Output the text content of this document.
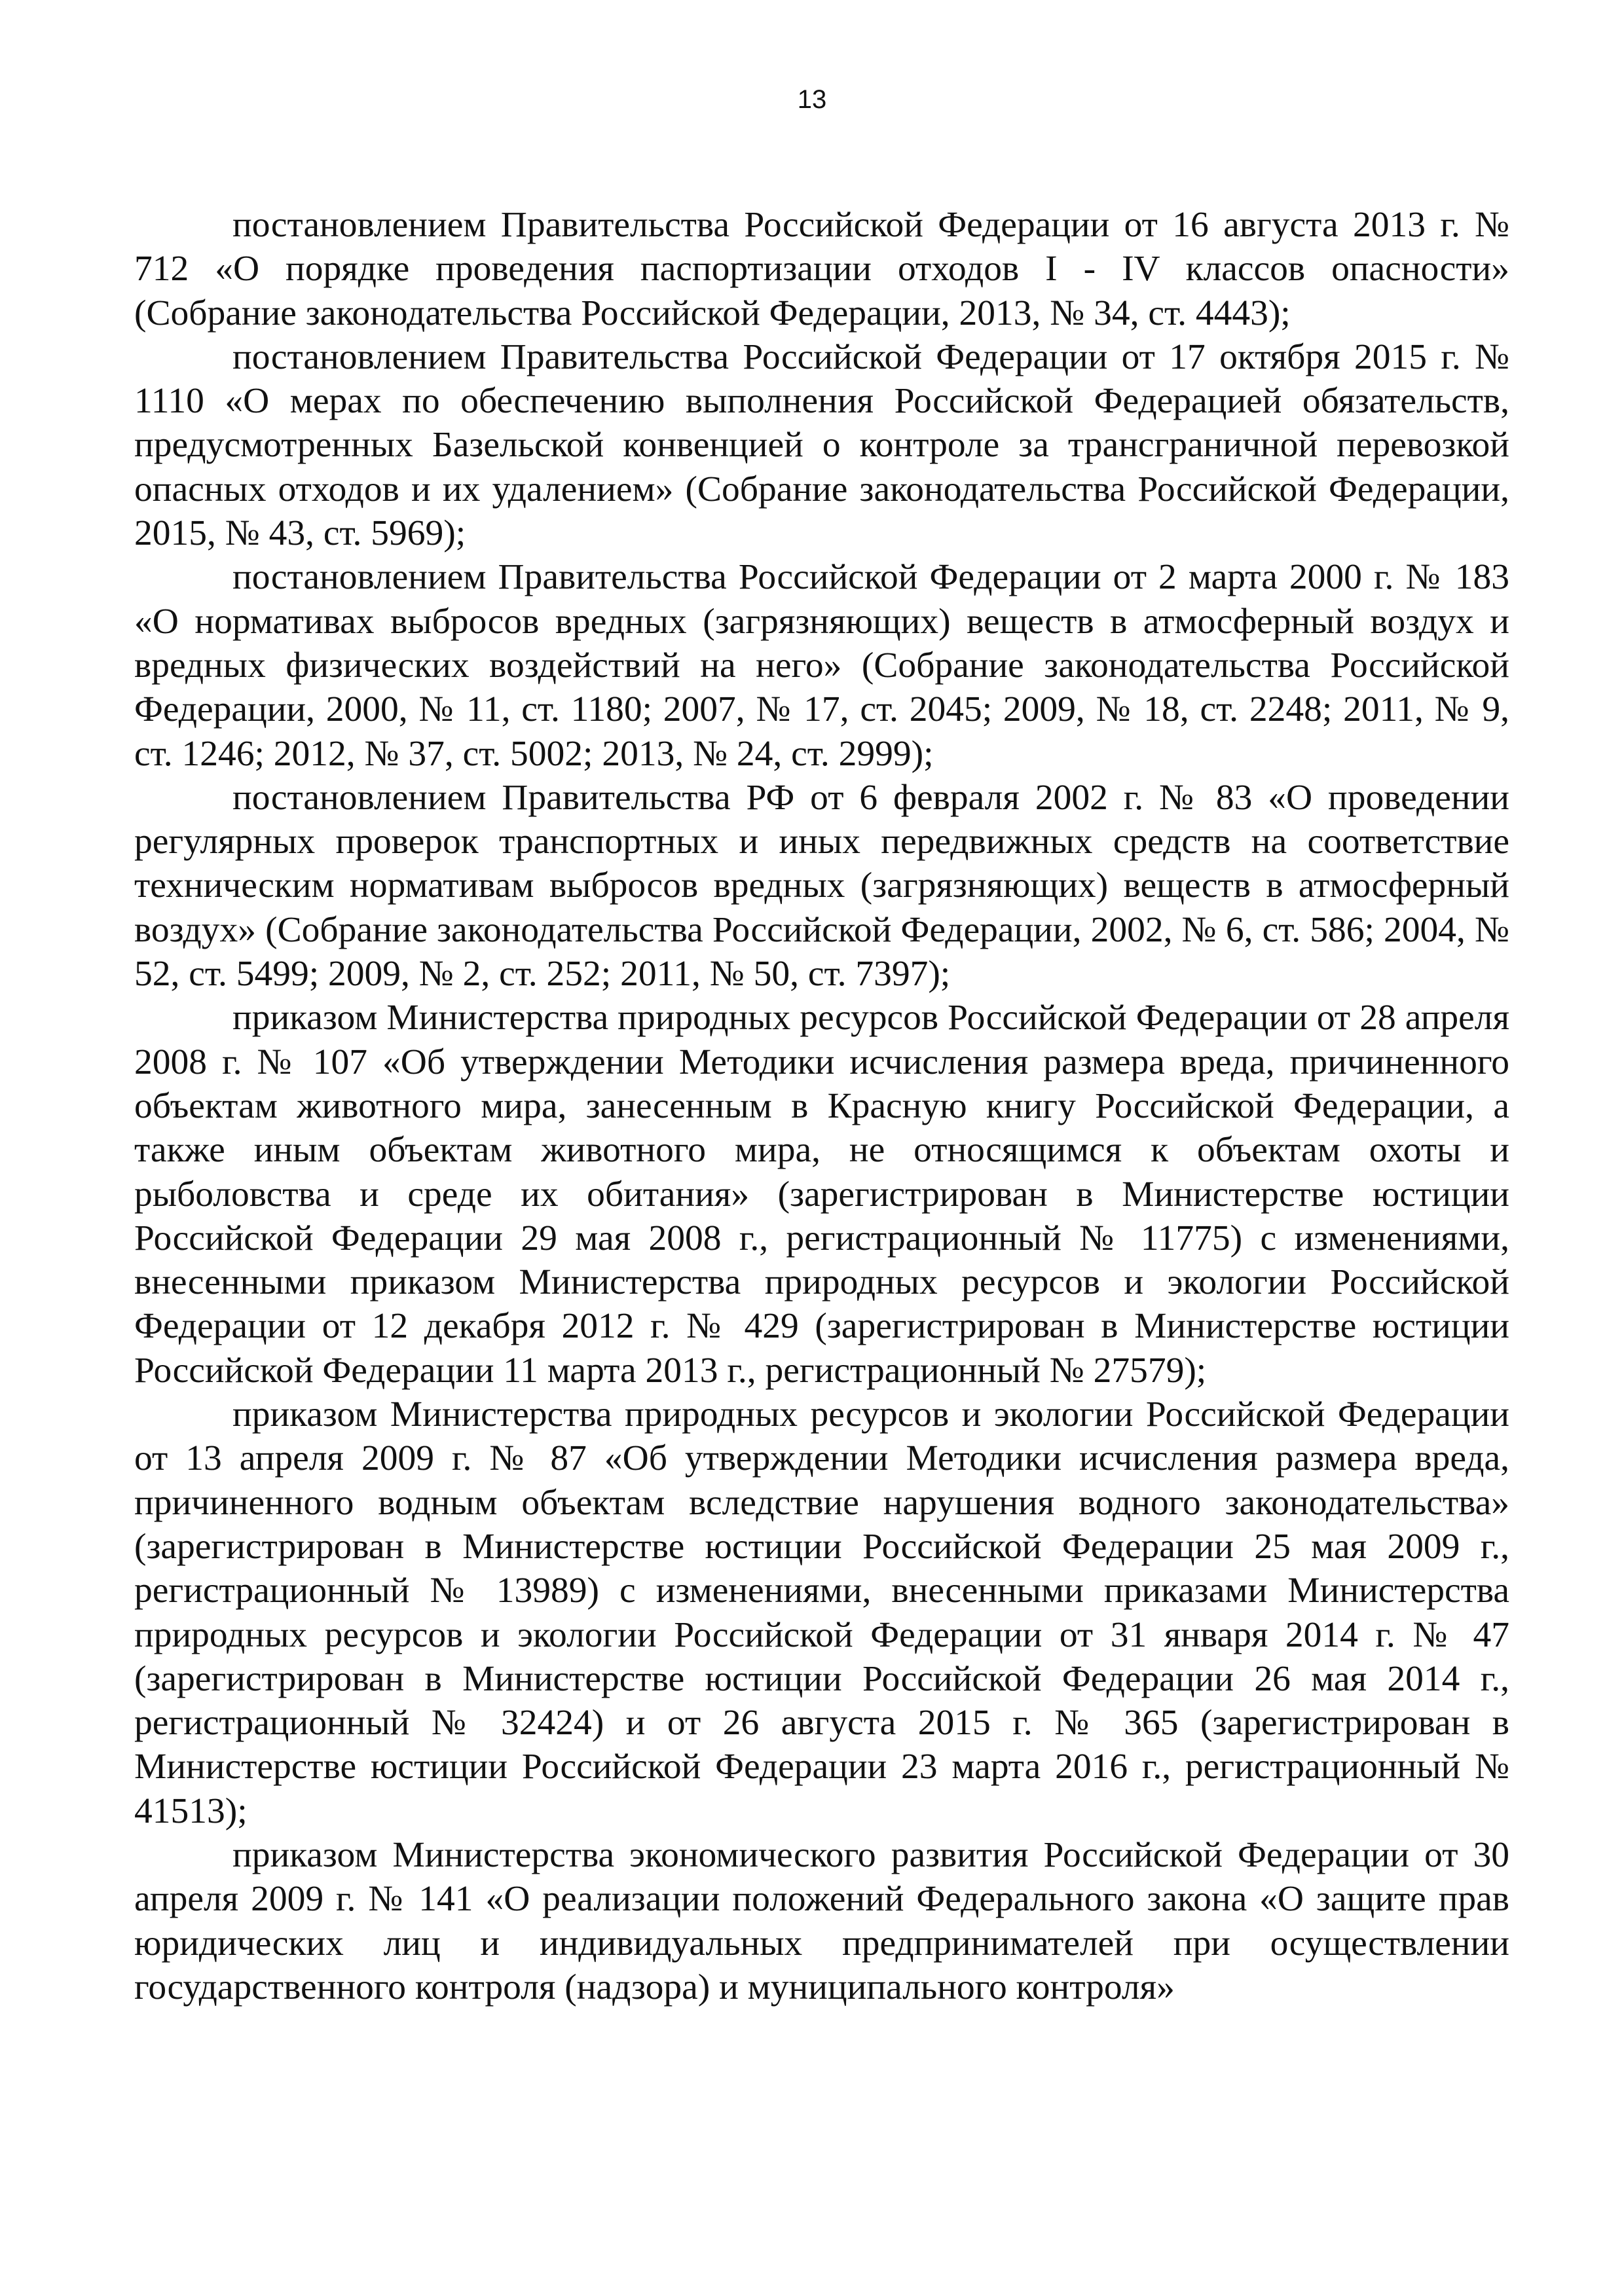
13

постановлением Правительства Российской Федерации от 16 августа 2013 г. № 712 «О порядке проведения паспортизации отходов I - IV классов опасности» (Собрание законодательства Российской Федерации, 2013, № 34, ст. 4443);

постановлением Правительства Российской Федерации от 17 октября 2015 г. № 1110 «О мерах по обеспечению выполнения Российской Федерацией обязательств, предусмотренных Базельской конвенцией о контроле за трансграничной перевозкой опасных отходов и их удалением» (Собрание законодательства Российской Федерации, 2015, № 43, ст. 5969);

постановлением Правительства Российской Федерации от 2 марта 2000 г. № 183 «О нормативах выбросов вредных (загрязняющих) веществ в атмосферный воздух и вредных физических воздействий на него» (Собрание законодательства Российской Федерации, 2000, № 11, ст. 1180; 2007, № 17, ст. 2045; 2009, № 18, ст. 2248; 2011, № 9, ст. 1246; 2012, № 37, ст. 5002; 2013, № 24, ст. 2999);

постановлением Правительства РФ от 6 февраля 2002 г. № 83 «О проведении регулярных проверок транспортных и иных передвижных средств на соответствие техническим нормативам выбросов вредных (загрязняющих) веществ в атмосферный воздух» (Собрание законодательства Российской Федерации, 2002, № 6, ст. 586; 2004, № 52, ст. 5499; 2009, № 2, ст. 252; 2011, № 50, ст. 7397);

приказом Министерства природных ресурсов Российской Федерации от 28 апреля 2008 г. № 107 «Об утверждении Методики исчисления размера вреда, причиненного объектам животного мира, занесенным в Красную книгу Российской Федерации, а также иным объектам животного мира, не относящимся к объектам охоты и рыболовства и среде их обитания» (зарегистрирован в Министерстве юстиции Российской Федерации 29 мая 2008 г., регистрационный № 11775) с изменениями, внесенными приказом Министерства природных ресурсов и экологии Российской Федерации от 12 декабря 2012 г. № 429 (зарегистрирован в Министерстве юстиции Российской Федерации 11 марта 2013 г., регистрационный № 27579);

приказом Министерства природных ресурсов и экологии Российской Федерации от 13 апреля 2009 г. № 87 «Об утверждении Методики исчисления размера вреда, причиненного водным объектам вследствие нарушения водного законодательства» (зарегистрирован в Министерстве юстиции Российской Федерации 25 мая 2009 г., регистрационный № 13989) с изменениями, внесенными приказами Министерства природных ресурсов и экологии Российской Федерации от 31 января 2014 г. № 47 (зарегистрирован в Министерстве юстиции Российской Федерации 26 мая 2014 г., регистрационный № 32424) и от 26 августа 2015 г. № 365 (зарегистрирован в Министерстве юстиции Российской Федерации 23 марта 2016 г., регистрационный № 41513);

приказом Министерства экономического развития Российской Федерации от 30 апреля 2009 г. № 141 «О реализации положений Федерального закона «О защите прав юридических лиц и индивидуальных предпринимателей при осуществлении государственного контроля (надзора) и муниципального контроля»
